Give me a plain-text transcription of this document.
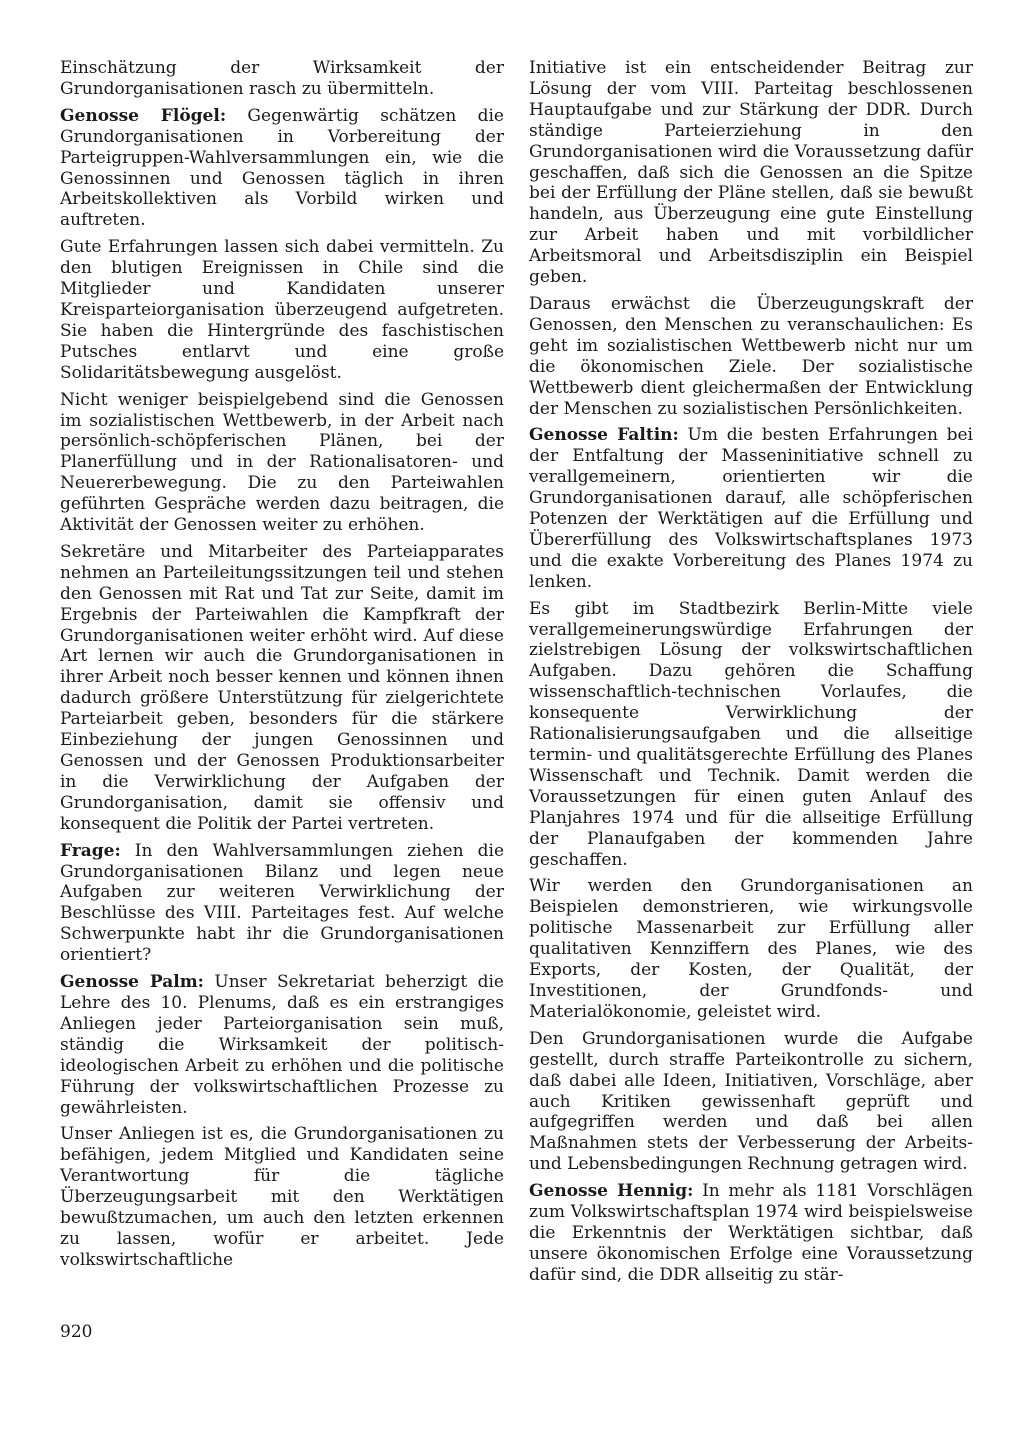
Einschätzung der Wirksamkeit der Grundorganisationen rasch zu übermitteln.

Genosse Flögel: Gegenwärtig schätzen die Grundorganisationen in Vorbereitung der Parteigruppen-Wahlversammlungen ein, wie die Genossinnen und Genossen täglich in ihren Arbeitskollektiven als Vorbild wirken und auftreten.

Gute Erfahrungen lassen sich dabei vermitteln. Zu den blutigen Ereignissen in Chile sind die Mitglieder und Kandidaten unserer Kreisparteiorganisation überzeugend aufgetreten. Sie haben die Hintergründe des faschistischen Putsches entlarvt und eine große Solidaritätsbewegung ausgelöst.

Nicht weniger beispielgebend sind die Genossen im sozialistischen Wettbewerb, in der Arbeit nach persönlich-schöpferischen Plänen, bei der Planerfüllung und in der Rationalisatoren- und Neuererbewegung. Die zu den Parteiwahlen geführten Gespräche werden dazu beitragen, die Aktivität der Genossen weiter zu erhöhen.

Sekretäre und Mitarbeiter des Parteiapparates nehmen an Parteileitungssitzungen teil und stehen den Genossen mit Rat und Tat zur Seite, damit im Ergebnis der Parteiwahlen die Kampfkraft der Grundorganisationen weiter erhöht wird. Auf diese Art lernen wir auch die Grundorganisationen in ihrer Arbeit noch besser kennen und können ihnen dadurch größere Unterstützung für zielgerichtete Parteiarbeit geben, besonders für die stärkere Einbeziehung der jungen Genossinnen und Genossen und der Genossen Produktionsarbeiter in die Verwirklichung der Aufgaben der Grundorganisation, damit sie offensiv und konsequent die Politik der Partei vertreten.

Frage: In den Wahlversammlungen ziehen die Grundorganisationen Bilanz und legen neue Aufgaben zur weiteren Verwirklichung der Beschlüsse des VIII. Parteitages fest. Auf welche Schwerpunkte habt ihr die Grundorganisationen orientiert?

Genosse Palm: Unser Sekretariat beherzigt die Lehre des 10. Plenums, daß es ein erstrangiges Anliegen jeder Parteiorganisation sein muß, ständig die Wirksamkeit der politisch-ideologischen Arbeit zu erhöhen und die politische Führung der volkswirtschaftlichen Prozesse zu gewährleisten.

Unser Anliegen ist es, die Grundorganisationen zu befähigen, jedem Mitglied und Kandidaten seine Verantwortung für die tägliche Überzeugungsarbeit mit den Werktätigen bewußtzumachen, um auch den letzten erkennen zu lassen, wofür er arbeitet. Jede volkswirtschaftliche

Initiative ist ein entscheidender Beitrag zur Lösung der vom VIII. Parteitag beschlossenen Hauptaufgabe und zur Stärkung der DDR. Durch ständige Parteierziehung in den Grundorganisationen wird die Voraussetzung dafür geschaffen, daß sich die Genossen an die Spitze bei der Erfüllung der Pläne stellen, daß sie bewußt handeln, aus Überzeugung eine gute Einstellung zur Arbeit haben und mit vorbildlicher Arbeitsmoral und Arbeitsdisziplin ein Beispiel geben.

Daraus erwächst die Überzeugungskraft der Genossen, den Menschen zu veranschaulichen: Es geht im sozialistischen Wettbewerb nicht nur um die ökonomischen Ziele. Der sozialistische Wettbewerb dient gleichermaßen der Entwicklung der Menschen zu sozialistischen Persönlichkeiten.

Genosse Faltin: Um die besten Erfahrungen bei der Entfaltung der Masseninitiative schnell zu verallgemeinern, orientierten wir die Grundorganisationen darauf, alle schöpferischen Potenzen der Werktätigen auf die Erfüllung und Übererfüllung des Volkswirtschaftsplanes 1973 und die exakte Vorbereitung des Planes 1974 zu lenken.

Es gibt im Stadtbezirk Berlin-Mitte viele verallgemeinerungswürdige Erfahrungen der zielstrebigen Lösung der volkswirtschaftlichen Aufgaben. Dazu gehören die Schaffung wissenschaftlich-technischen Vorlaufes, die konsequente Verwirklichung der Rationalisierungsaufgaben und die allseitige termin- und qualitätsgerechte Erfüllung des Planes Wissenschaft und Technik. Damit werden die Voraussetzungen für einen guten Anlauf des Planjahres 1974 und für die allseitige Erfüllung der Planaufgaben der kommenden Jahre geschaffen.

Wir werden den Grundorganisationen an Beispielen demonstrieren, wie wirkungsvolle politische Massenarbeit zur Erfüllung aller qualitativen Kennziffern des Planes, wie des Exports, der Kosten, der Qualität, der Investitionen, der Grundfonds- und Materialökonomie, geleistet wird.

Den Grundorganisationen wurde die Aufgabe gestellt, durch straffe Parteikontrolle zu sichern, daß dabei alle Ideen, Initiativen, Vorschläge, aber auch Kritiken gewissenhaft geprüft und aufgegriffen werden und daß bei allen Maßnahmen stets der Verbesserung der Arbeits- und Lebensbedingungen Rechnung getragen wird.

Genosse Hennig: In mehr als 1181 Vorschlägen zum Volkswirtschaftsplan 1974 wird beispielsweise die Erkenntnis der Werktätigen sichtbar, daß unsere ökonomischen Erfolge eine Voraussetzung dafür sind, die DDR allseitig zu stär-

920
